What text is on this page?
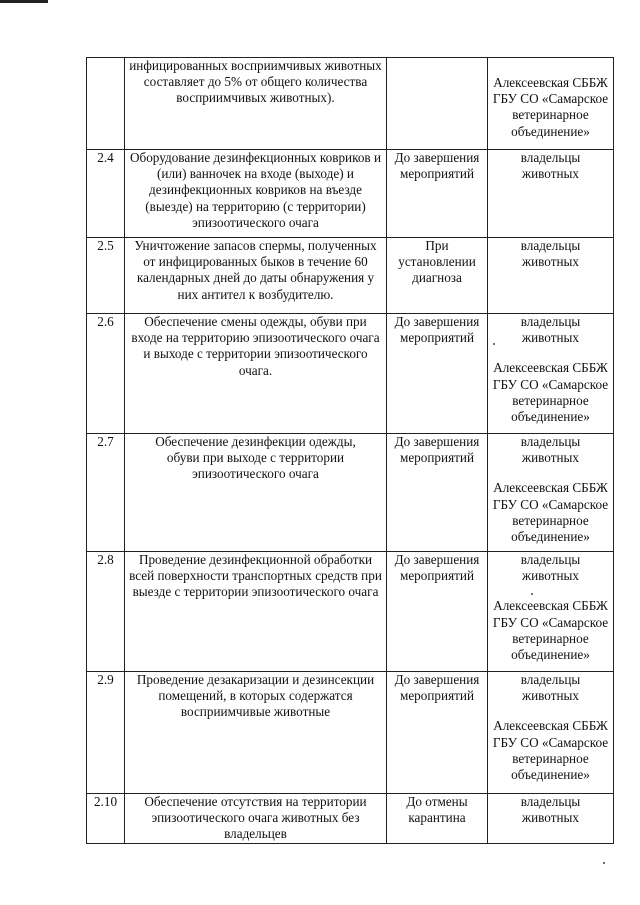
	инфицированных восприимчивых животных составляет до 5% от общего количества восприимчивых животных).		Алексеевская СББЖ ГБУ СО «Самарское ветеринарное объединение»

2.4	Оборудование дезинфекционных ковриков и (или) ванночек на входе (выходе) и дезинфекционных ковриков на въезде (выезде) на территорию (с территории) эпизоотического очага	До завершения мероприятий	владельцы животных

2.5	Уничтожение запасов спермы, полученных от инфицированных быков в течение 60 календарных дней до даты обнаружения у них антител к возбудителю.	При установлении диагноза	владельцы животных

2.6	Обеспечение смены одежды, обуви при входе на территорию эпизоотического очага и выходе с территории эпизоотического очага.	До завершения мероприятий	владельцы животных
Алексеевская СББЖ ГБУ СО «Самарское ветеринарное объединение»

2.7	Обеспечение дезинфекции одежды, обуви при выходе с территории эпизоотического очага	До завершения мероприятий	владельцы животных
Алексеевская СББЖ ГБУ СО «Самарское ветеринарное объединение»

2.8	Проведение дезинфекционной обработки всей поверхности транспортных средств при выезде с территории эпизоотического очага	До завершения мероприятий	владельцы животных
Алексеевская СББЖ ГБУ СО «Самарское ветеринарное объединение»

2.9	Проведение дезакаризации и дезинсекции помещений, в которых содержатся восприимчивые животные	До завершения мероприятий	владельцы животных
Алексеевская СББЖ ГБУ СО «Самарское ветеринарное объединение»

2.10	Обеспечение отсутствия на территории эпизоотического очага животных без владельцев	До отмены карантина	владельцы животных
